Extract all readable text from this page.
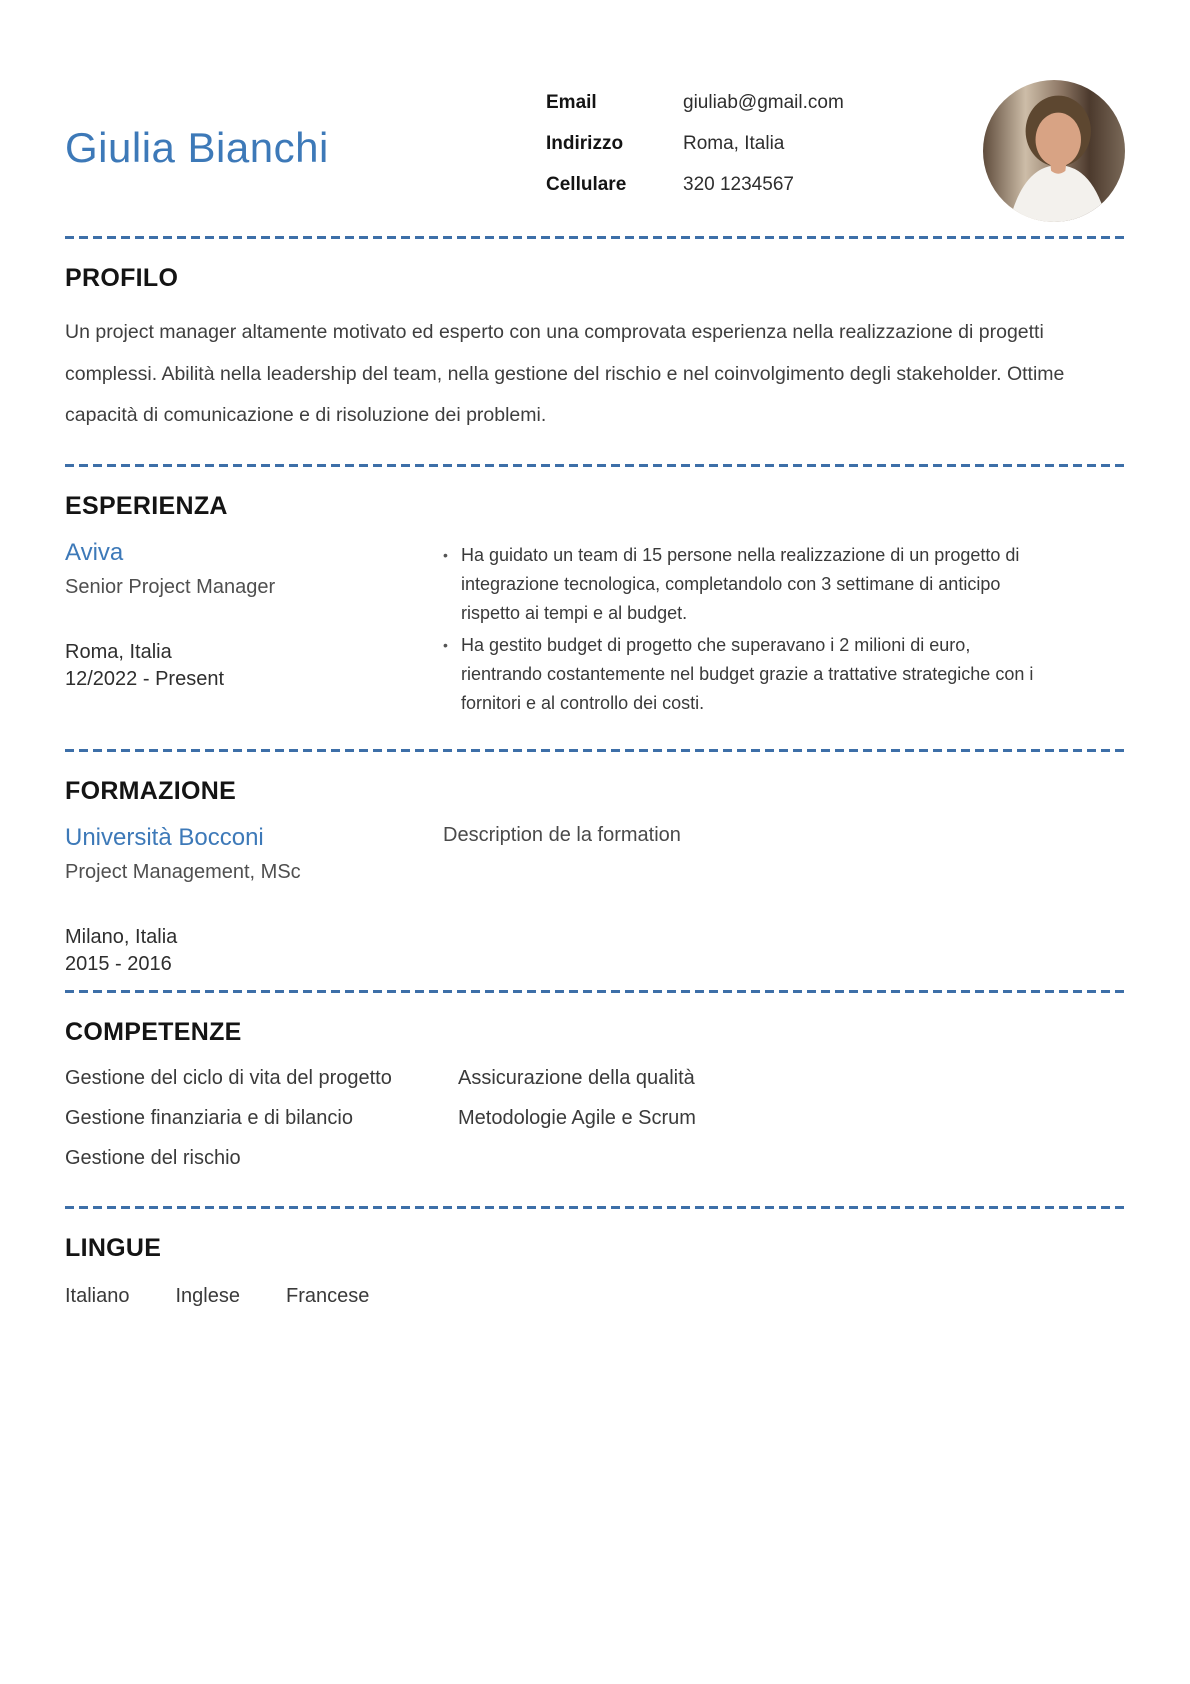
Giulia Bianchi
Email	giuliab@gmail.com
Indirizzo	Roma, Italia
Cellulare	320 1234567
PROFILO

Un project manager altamente motivato ed esperto con una comprovata esperienza nella realizzazione di progetti complessi. Abilità nella leadership del team, nella gestione del rischio e nel coinvolgimento degli stakeholder. Ottime capacità di comunicazione e di risoluzione dei problemi.

ESPERIENZA
Aviva
Senior Project Manager
Roma, Italia
12/2022 - Present
• Ha guidato un team di 15 persone nella realizzazione di un progetto di integrazione tecnologica, completandolo con 3 settimane di anticipo rispetto ai tempi e al budget.
• Ha gestito budget di progetto che superavano i 2 milioni di euro, rientrando costantemente nel budget grazie a trattative strategiche con i fornitori e al controllo dei costi.
FORMAZIONE
Università Bocconi
Project Management, MSc
Milano, Italia
2015 - 2016
Description de la formation
COMPETENZE
Gestione del ciclo di vita del progetto	Assicurazione della qualità
Gestione finanziaria e di bilancio	Metodologie Agile e Scrum
Gestione del rischio
LINGUE
Italiano Inglese Francese
